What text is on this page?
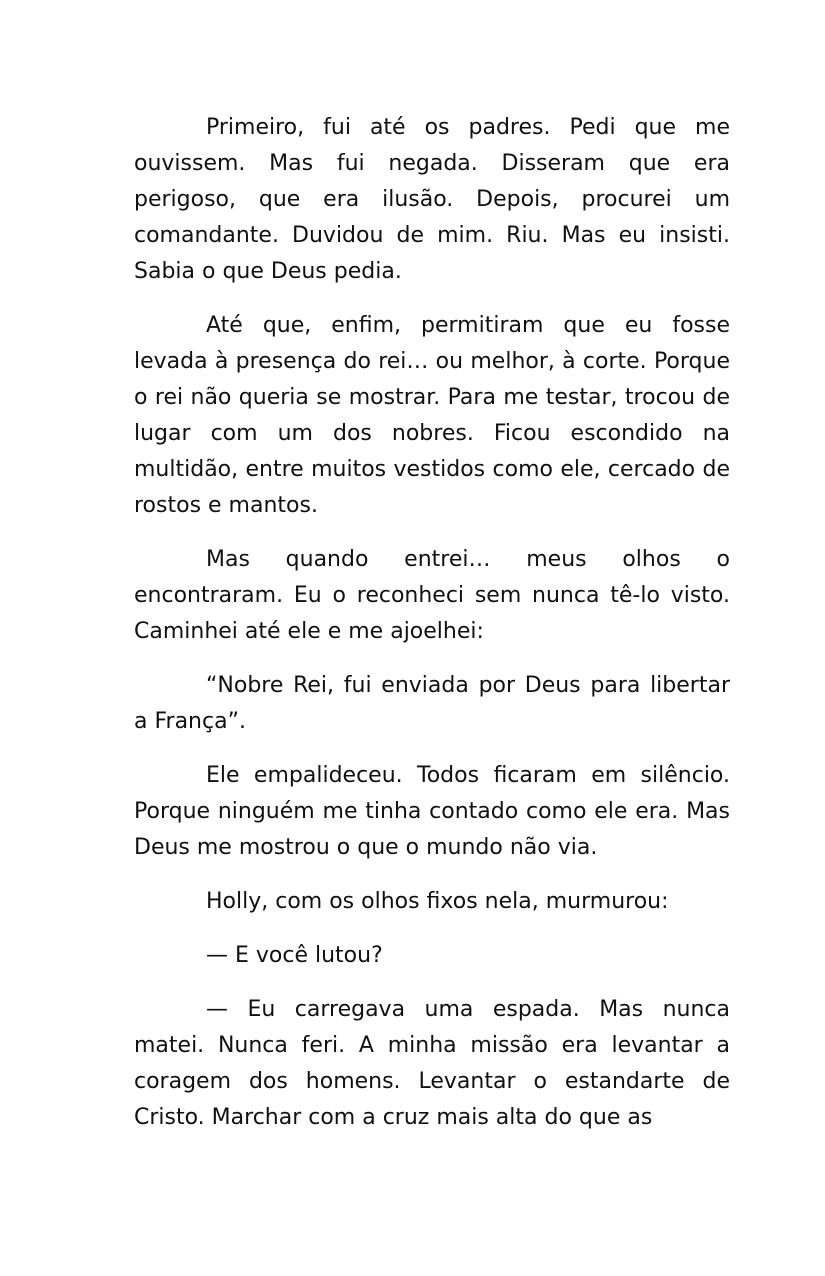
Primeiro, fui até os padres. Pedi que me ouvissem. Mas fui negada. Disseram que era perigoso, que era ilusão. Depois, procurei um comandante. Duvidou de mim. Riu. Mas eu insisti. Sabia o que Deus pedia.

Até que, enfim, permitiram que eu fosse levada à presença do rei… ou melhor, à corte. Porque o rei não queria se mostrar. Para me testar, trocou de lugar com um dos nobres. Ficou escondido na multidão, entre muitos vestidos como ele, cercado de rostos e mantos.

Mas quando entrei… meus olhos o encontraram. Eu o reconheci sem nunca tê-lo visto. Caminhei até ele e me ajoelhei:

“Nobre Rei, fui enviada por Deus para libertar a França”.

Ele empalideceu. Todos ficaram em silêncio. Porque ninguém me tinha contado como ele era. Mas Deus me mostrou o que o mundo não via.

Holly, com os olhos fixos nela, murmurou:

— E você lutou?

— Eu carregava uma espada. Mas nunca matei. Nunca feri. A minha missão era levantar a coragem dos homens. Levantar o estandarte de Cristo. Marchar com a cruz mais alta do que as
